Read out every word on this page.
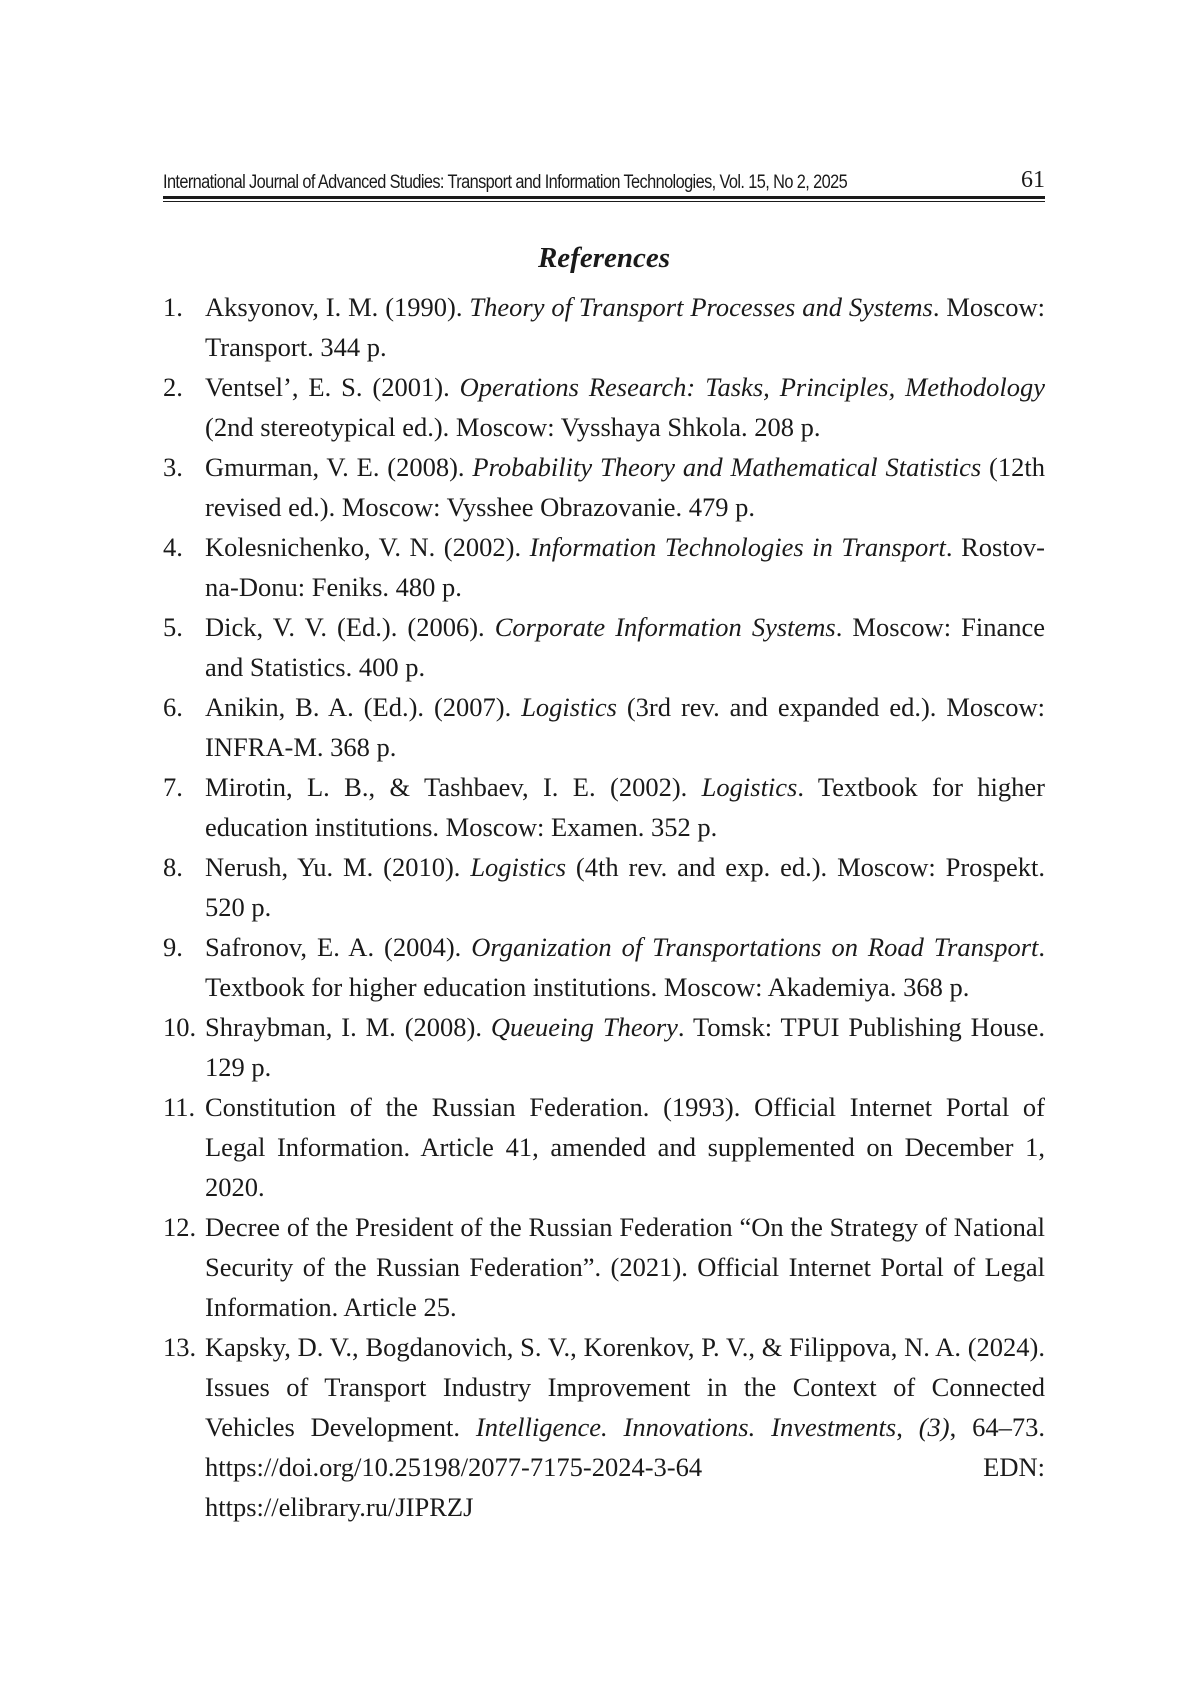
International Journal of Advanced Studies: Transport and Information Technologies, Vol. 15, No 2, 2025	61
References
1. Aksyonov, I. M. (1990). Theory of Transport Processes and Systems. Moscow: Transport. 344 p.
2. Ventsel’, E. S. (2001). Operations Research: Tasks, Principles, Methodology (2nd stereotypical ed.). Moscow: Vysshaya Shkola. 208 p.
3. Gmurman, V. E. (2008). Probability Theory and Mathematical Statistics (12th revised ed.). Moscow: Vysshee Obrazovanie. 479 p.
4. Kolesnichenko, V. N. (2002). Information Technologies in Transport. Rostov-na-Donu: Feniks. 480 p.
5. Dick, V. V. (Ed.). (2006). Corporate Information Systems. Moscow: Finance and Statistics. 400 p.
6. Anikin, B. A. (Ed.). (2007). Logistics (3rd rev. and expanded ed.). Moscow: INFRA-M. 368 p.
7. Mirotin, L. B., & Tashbaev, I. E. (2002). Logistics. Textbook for higher education institutions. Moscow: Examen. 352 p.
8. Nerush, Yu. M. (2010). Logistics (4th rev. and exp. ed.). Moscow: Prospekt. 520 p.
9. Safronov, E. A. (2004). Organization of Transportations on Road Transport. Textbook for higher education institutions. Moscow: Akademiya. 368 p.
10. Shraybman, I. M. (2008). Queueing Theory. Tomsk: TPUI Publishing House. 129 p.
11. Constitution of the Russian Federation. (1993). Official Internet Portal of Legal Information. Article 41, amended and supplemented on December 1, 2020.
12. Decree of the President of the Russian Federation “On the Strategy of National Security of the Russian Federation”. (2021). Official Internet Portal of Legal Information. Article 25.
13. Kapsky, D. V., Bogdanovich, S. V., Korenkov, P. V., & Filippova, N. A. (2024). Issues of Transport Industry Improvement in the Context of Connected Vehicles Development. Intelligence. Innovations. Investments, (3), 64–73. https://doi.org/10.25198/2077-7175-2024-3-64 EDN: https://elibrary.ru/JIPRZJ
